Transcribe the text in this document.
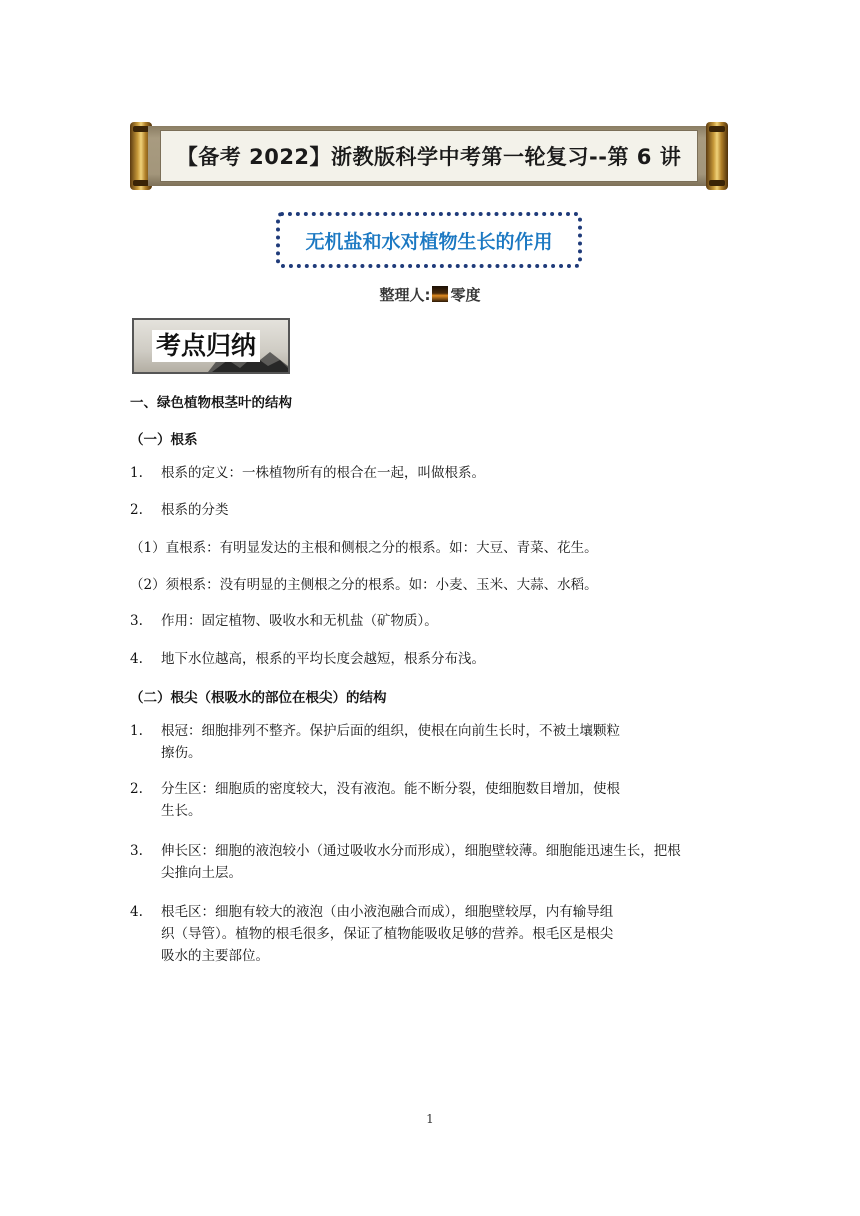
【备考 2022】浙教版科学中考第一轮复习--第 6 讲
无机盐和水对植物生长的作用
整理人: 零度
考点归纳
一、绿色植物根茎叶的结构
（一）根系
1.	根系的定义：一株植物所有的根合在一起，叫做根系。
2.	根系的分类
（1）直根系：有明显发达的主根和侧根之分的根系。如：大豆、青菜、花生。
（2）须根系：没有明显的主侧根之分的根系。如：小麦、玉米、大蒜、水稻。
3.	作用：固定植物、吸收水和无机盐（矿物质）。
4.	地下水位越高，根系的平均长度会越短，根系分布浅。
（二）根尖（根吸水的部位在根尖）的结构
1.	根冠：细胞排列不整齐。保护后面的组织，使根在向前生长时，不被土壤颗粒
擦伤。
2.	分生区：细胞质的密度较大，没有液泡。能不断分裂，使细胞数目增加，使根
生长。
3.	伸长区：细胞的液泡较小（通过吸收水分而形成），细胞壁较薄。细胞能迅速生长，把根
尖推向土层。
4.	根毛区：细胞有较大的液泡（由小液泡融合而成），细胞壁较厚，内有输导组
织（导管）。植物的根毛很多，保证了植物能吸收足够的营养。根毛区是根尖
吸水的主要部位。
1
